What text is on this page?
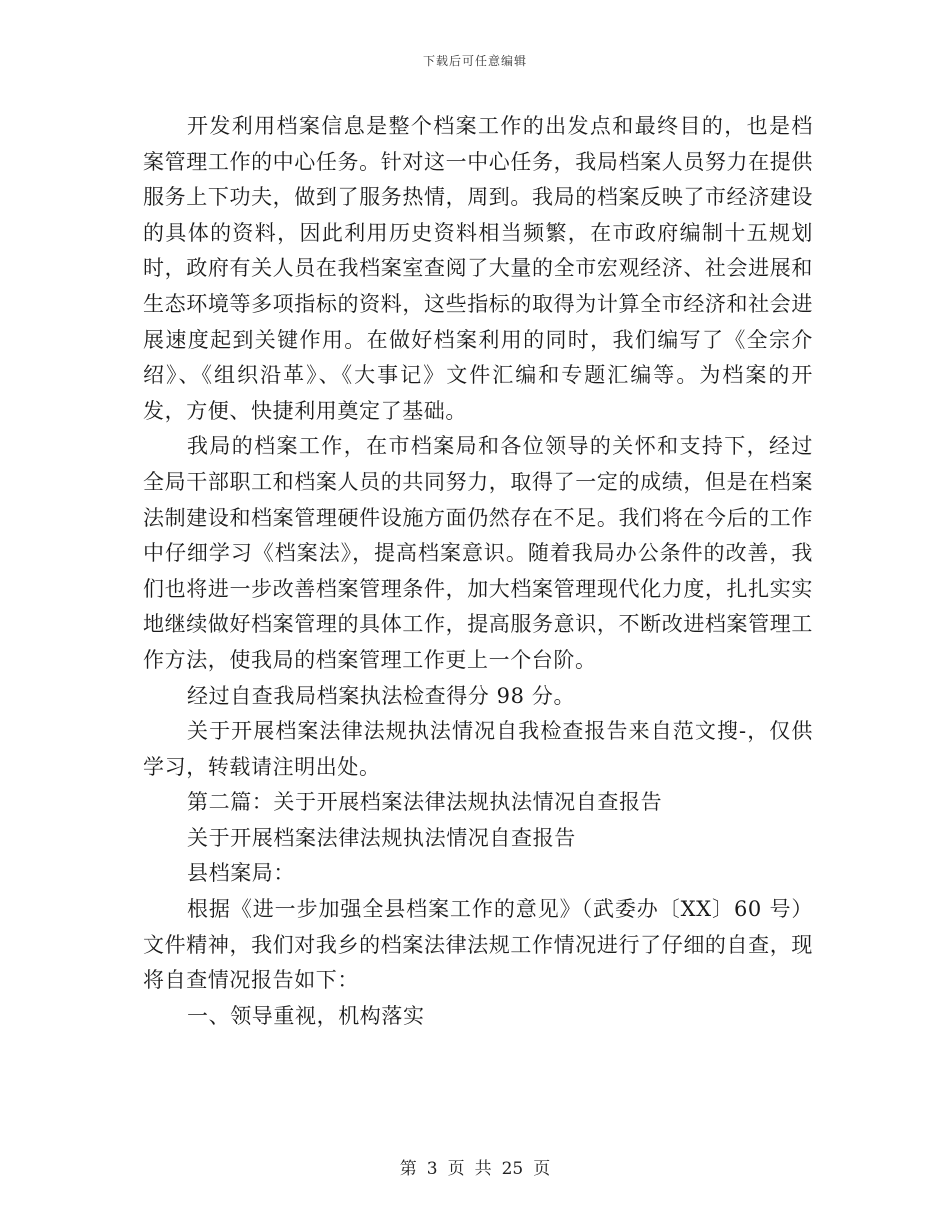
下载后可任意编辑

开发利用档案信息是整个档案工作的出发点和最终目的，也是档案管理工作的中心任务。针对这一中心任务，我局档案人员努力在提供服务上下功夫，做到了服务热情，周到。我局的档案反映了市经济建设的具体的资料，因此利用历史资料相当频繁，在市政府编制十五规划时，政府有关人员在我档案室查阅了大量的全市宏观经济、社会进展和生态环境等多项指标的资料，这些指标的取得为计算全市经济和社会进展速度起到关键作用。在做好档案利用的同时，我们编写了《全宗介绍》、《组织沿革》、《大事记》文件汇编和专题汇编等。为档案的开发，方便、快捷利用奠定了基础。

我局的档案工作，在市档案局和各位领导的关怀和支持下，经过全局干部职工和档案人员的共同努力，取得了一定的成绩，但是在档案法制建设和档案管理硬件设施方面仍然存在不足。我们将在今后的工作中仔细学习《档案法》，提高档案意识。随着我局办公条件的改善，我们也将进一步改善档案管理条件，加大档案管理现代化力度，扎扎实实地继续做好档案管理的具体工作，提高服务意识，不断改进档案管理工作方法，使我局的档案管理工作更上一个台阶。

经过自查我局档案执法检查得分 98 分。

关于开展档案法律法规执法情况自我检查报告来自范文搜-，仅供学习，转载请注明出处。

第二篇：关于开展档案法律法规执法情况自查报告

关于开展档案法律法规执法情况自查报告

县档案局：

根据《进一步加强全县档案工作的意见》（武委办〔XX〕60 号）文件精神，我们对我乡的档案法律法规工作情况进行了仔细的自查，现将自查情况报告如下：

一、领导重视，机构落实

第 3 页 共 25 页
